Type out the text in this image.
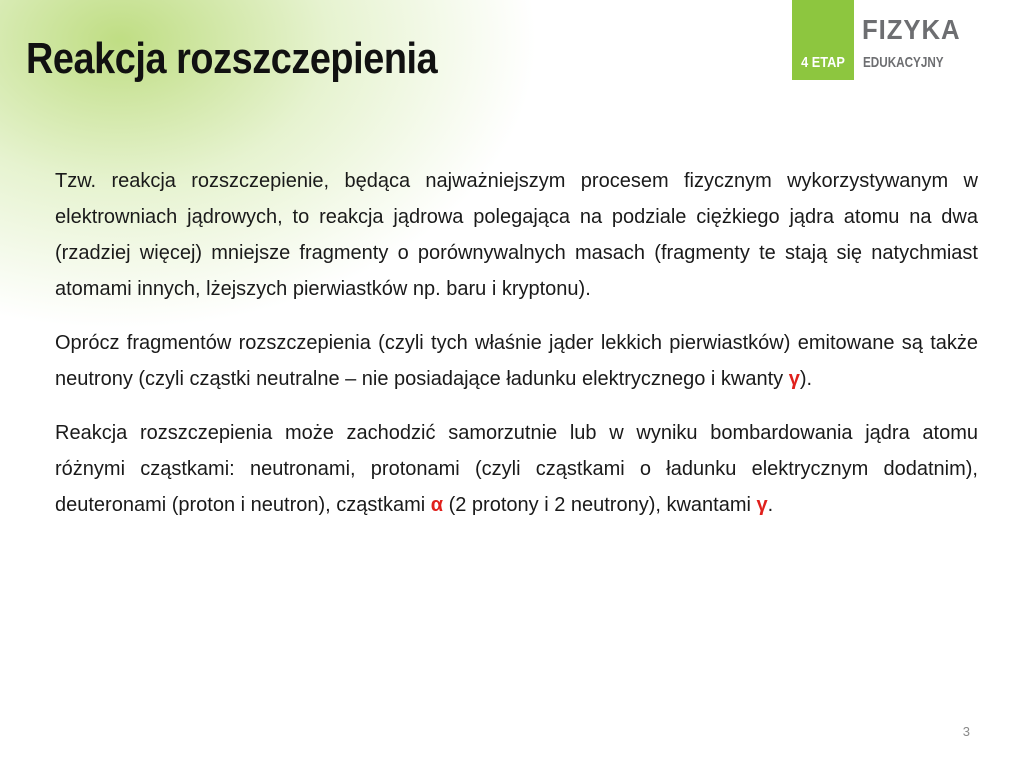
Reakcja rozszczepienia	4 ETAP
FIZYKA
EDUKACYJNY

Tzw. reakcja rozszczepienie, będąca najważniejszym procesem fizycznym wykorzystywanym w elektrowniach jądrowych, to reakcja jądrowa polegająca na podziale ciężkiego jądra atomu na dwa (rzadziej więcej) mniejsze fragmenty o porównywalnych masach (fragmenty te stają się natychmiast atomami innych, lżejszych pierwiastków np. baru i kryptonu).

Oprócz fragmentów rozszczepienia (czyli tych właśnie jąder lekkich pierwiastków) emitowane są także neutrony (czyli cząstki neutralne – nie posiadające ładunku elektrycznego i kwanty γ).

Reakcja rozszczepienia może zachodzić samorzutnie lub w wyniku bombardowania jądra atomu różnymi cząstkami: neutronami, protonami (czyli cząstkami o ładunku elektrycznym dodatnim), deuteronami (proton i neutron), cząstkami α (2 protony i 2 neutrony), kwantami γ.

3
